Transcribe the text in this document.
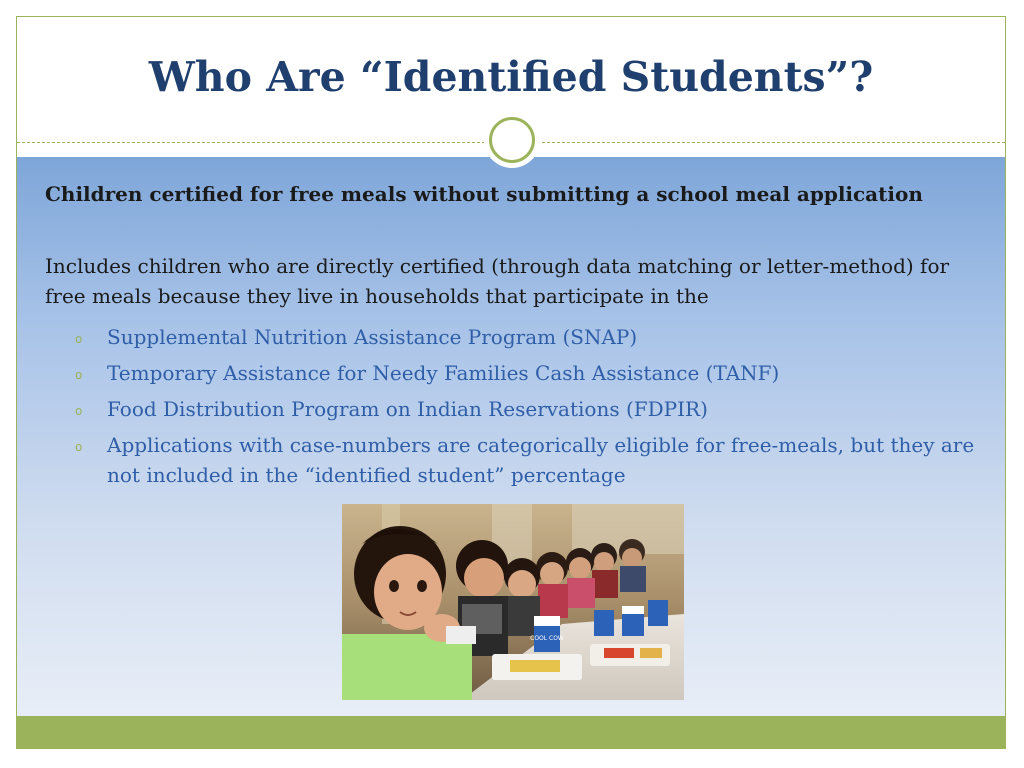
Who Are “Identified Students”?

Children certified for free meals without submitting a school meal application

Includes children who are directly certified (through data matching or letter-method) for free meals because they live in households that participate in the

o Supplemental Nutrition Assistance Program (SNAP)
o Temporary Assistance for Needy Families Cash Assistance (TANF)
o Food Distribution Program on Indian Reservations (FDPIR)
o Applications with case-numbers are categorically eligible for free-meals, but they are not included in the “identified student” percentage
COOL COW
